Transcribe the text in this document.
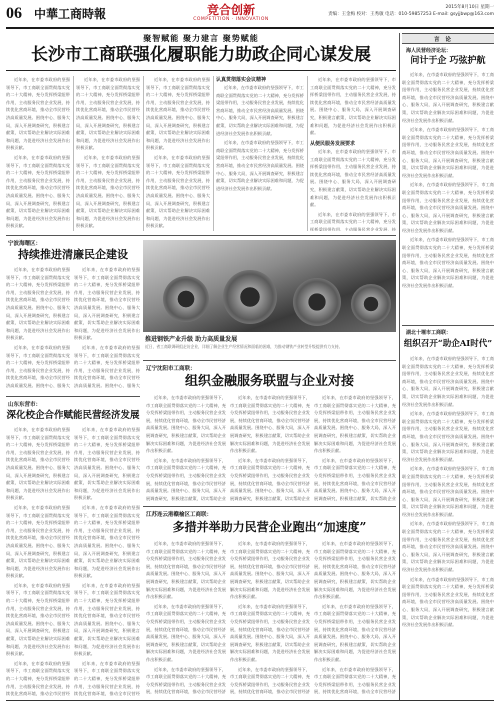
06 中華工商時報	竞合创新
COMPETITION · INNOVATION
2015年8月10日 星期一
责编：王金梅 校对：王秀敏 电话：010-59857253 E-mail: gsyjjbwp@163.com
聚智赋能 聚力建言 聚势赋能
长沙市工商联强化履职能力助政企同心谋发展

近年来，在市委市政府的坚强领导下，市工商联全面贯彻落实党的二十大精神，充分发挥桥梁纽带作用，主动服务民营企业发展，持续优化营商环境，推动全市民营经济高质量发展。围绕中心、服务大局，深入开展调查研究，积极建言献策，切实帮助企业解决实际困难和问题，为促进经济社会发展作出积极贡献。

近年来，在市委市政府的坚强领导下，市工商联全面贯彻落实党的二十大精神，充分发挥桥梁纽带作用，主动服务民营企业发展，持续优化营商环境，推动全市民营经济高质量发展。围绕中心、服务大局，深入开展调查研究，积极建言献策，切实帮助企业解决实际困难和问题，为促进经济社会发展作出积极贡献。

近年来，在市委市政府的坚强领导下，市工商联全面贯彻落实党的二十大精神，充分发挥桥梁纽带作用，主动服务民营企业发展，持续优化营商环境，推动全市民营经济高质量发展。围绕中心、服务大局，深入开展调查研究，积极建言献策，切实帮助企业解决实际困难和问题，为促进经济社会发展作出积极贡献。

近年来，在市委市政府的坚强领导下，市工商联全面贯彻落实党的二十大精神，充分发挥桥梁纽带作用，主动服务民营企业发展，持续优化营商环境，推动全市民营经济高质量发展。围绕中心、服务大局，深入开展调查研究，积极建言献策，切实帮助企业解决实际困难和问题，为促进经济社会发展作出积极贡献。

近年来，在市委市政府的坚强领导下，市工商联全面贯彻落实党的二十大精神，充分发挥桥梁纽带作用，主动服务民营企业发展，持续优化营商环境，推动全市民营经济高质量发展。围绕中心、服务大局，深入开展调查研究，积极建言献策，切实帮助企业解决实际困难和问题，为促进经济社会发展作出积极贡献。

近年来，在市委市政府的坚强领导下，市工商联全面贯彻落实党的二十大精神，充分发挥桥梁纽带作用，主动服务民营企业发展，持续优化营商环境，推动全市民营经济高质量发展。围绕中心、服务大局，深入开展调查研究，积极建言献策，切实帮助企业解决实际困难和问题，为促进经济社会发展作出积极贡献。

认真贯彻落实会议精神

近年来，在市委市政府的坚强领导下，市工商联全面贯彻落实党的二十大精神，充分发挥桥梁纽带作用，主动服务民营企业发展，持续优化营商环境，推动全市民营经济高质量发展。围绕中心、服务大局，深入开展调查研究，积极建言献策，切实帮助企业解决实际困难和问题，为促进经济社会发展作出积极贡献。

近年来，在市委市政府的坚强领导下，市工商联全面贯彻落实党的二十大精神，充分发挥桥梁纽带作用，主动服务民营企业发展，持续优化营商环境，推动全市民营经济高质量发展。围绕中心、服务大局，深入开展调查研究，积极建言献策，切实帮助企业解决实际困难和问题，为促进经济社会发展作出积极贡献。

从便民服务发展要求

近年来，在市委市政府的坚强领导下，市工商联全面贯彻落实党的二十大精神，充分发挥桥梁纽带作用，主动服务民营企业发展，持续优化营商环境，推动全市民营经济高质量发展。围绕中心、服务大局，深入开展调查研究，积极建言献策，切实帮助企业解决实际困难和问题，为促进经济社会发展作出积极贡献。

近年来，在市委市政府的坚强领导下，市工商联全面贯彻落实党的二十大精神，充分发挥桥梁纽带作用，主动服务民营企业发展，持续优化营商环境，推动全市民营经济高质量发展。围绕中心、服务大局，深入开展调查研究，积极建言献策，切实帮助企业解决实际困难和问题，为促进经济社会发展作出积极贡献。

近年来，在市委市政府的坚强领导下，市工商联全面贯彻落实党的二十大精神，充分发挥桥梁纽带作用，主动服务民营企业发展，持

宁波海曙区：
持续推进清廉民企建设

近年来，在市委市政府的坚强领导下，市工商联全面贯彻落实党的二十大精神，充分发挥桥梁纽带作用，主动服务民营企业发展，持续优化营商环境，推动全市民营经济高质量发展。围绕中心、服务大局，深入开展调查研究，积极建言献策，切实帮助企业解决实际困难和问题，为促进经济社会发展作出积极贡献。

近年来，在市委市政府的坚强领导下，市工商联全面贯彻落实党的二十大精神，充分发挥桥梁纽带作用，主动服务民营企业发展，持续优化营商环境，推动全市民营经济高质量发展。围绕中心、服务大

近年来，在市委市政府的坚强领导下，市工商联全面贯彻落实党的二十大精神，充分发挥桥梁纽带作用，主动服务民营企业发展，持续优化营商环境，推动全市民营经济高质量发展。围绕中心、服务大局，深入开展调查研究，积极建言献策，切实帮助企业解决实际困难和问题，为促进经济社会发展作出积极贡献。

近年来，在市委市政府的坚强领导下，市工商联全面贯彻落实党的二十大精神，充分发挥桥梁纽带作用，主动服务民营企业发展，持续优化营商环境，推动全市民营经济高质量发展。围绕中心、服务大

推进钢铁产业升级 助力高质量发展
近日，省工商联调研组走访企业，详细了解企业生产经营情况和面临的困难，为推动钢铁产业转型升级提供有力支持。
辽宁沈阳市工商联：
组织金融服务联盟与企业对接

近年来，在市委市政府的坚强领导下，市工商联全面贯彻落实党的二十大精神，充分发挥桥梁纽带作用，主动服务民营企业发展，持续优化营商环境，推动全市民营经济高质量发展。围绕中心、服务大局，深入开展调查研究，积极建言献策，切实帮助企业解决实际困难和问题，为促进经济社会发展作出积极贡献。

近年来，在市委市政府的坚强领导下，市工商联全面贯彻落实党的二十大精神，充分发挥桥梁纽带作用，主动服务民营企业发展，持续优化营商环境，推动全市民营经济高质量发展。围绕中心、服务大局，深入开展调查研究，积极建言献策，切实帮助企业

近年来，在市委市政府的坚强领导下，市工商联全面贯彻落实党的二十大精神，充分发挥桥梁纽带作用，主动服务民营企业发展，持续优化营商环境，推动全市民营经济高质量发展。围绕中心、服务大局，深入开展调查研究，积极建言献策，切实帮助企业解决实际困难和问题，为促进经济社会发展作出积极贡献。

近年来，在市委市政府的坚强领导下，市工商联全面贯彻落实党的二十大精神，充分发挥桥梁纽带作用，主动服务民营企业发展，持续优化营商环境，推动全市民营经济高质量发展。围绕中心、服务大局，深入开展调查研究，积极建言献策，切实帮助企业

近年来，在市委市政府的坚强领导下，市工商联全面贯彻落实党的二十大精神，充分发挥桥梁纽带作用，主动服务民营企业发展，持续优化营商环境，推动全市民营经济高质量发展。围绕中心、服务大局，深入开展调查研究，积极建言献策，切实帮助企业解决实际困难和问题，为促进经济社会发展作出积极贡献。

近年来，在市委市政府的坚强领导下，市工商联全面贯彻落实党的二十大精神，充分发挥桥梁纽带作用，主动服务民营企业发展，持续优化营商环境，推动全市民营经济高质量发展。围绕中心、服务大局，深入开展调查研究，积极建言献策，切实帮助企业

山东东营市：
深化校企合作赋能民营经济发展

近年来，在市委市政府的坚强领导下，市工商联全面贯彻落实党的二十大精神，充分发挥桥梁纽带作用，主动服务民营企业发展，持续优化营商环境，推动全市民营经济高质量发展。围绕中心、服务大局，深入开展调查研究，积极建言献策，切实帮助企业解决实际困难和问题，为促进经济社会发展作出积极贡献。

近年来，在市委市政府的坚强领导下，市工商联全面贯彻落实党的二十大精神，充分发挥桥梁纽带作用，主动服务民营企业发展，持续优化营商环境，推动全市民营经济高质量发展。围绕中心、服务大局，深入开展调查研究，积极建言献策，切实帮助企业解决实际困难和问题，为促进经济社会发展作出积极贡献。

近年来，在市委市政府的坚强领导下，市工商联全面贯彻落实党的二十大精神，充分发挥桥梁纽带作用，主动服务民营企业发展，持续优化营商环境，推动全市民营经济高质量发展。围绕中心、服务大局，深入开展调查研究，积极建言献策，切实帮助企业解决实际困难和问题，为促进经济社会发展作出积极贡献。

近年来，在市委市政府的坚强领导下，市工商联全面贯彻落实党的二十大精神，充分发挥桥梁纽带作用，主动服务民营企业发展，持续优化营商环境，推动全市民营经

近年来，在市委市政府的坚强领导下，市工商联全面贯彻落实党的二十大精神，充分发挥桥梁纽带作用，主动服务民营企业发展，持续优化营商环境，推动全市民营经济高质量发展。围绕中心、服务大局，深入开展调查研究，积极建言献策，切实帮助企业解决实际困难和问题，为促进经济社会发展作出积极贡献。

近年来，在市委市政府的坚强领导下，市工商联全面贯彻落实党的二十大精神，充分发挥桥梁纽带作用，主动服务民营企业发展，持续优化营商环境，推动全市民营经济高质量发展。围绕中心、服务大局，深入开展调查研究，积极建言献策，切实帮助企业解决实际困难和问题，为促进经济社会发展作出积极贡献。

近年来，在市委市政府的坚强领导下，市工商联全面贯彻落实党的二十大精神，充分发挥桥梁纽带作用，主动服务民营企业发展，持续优化营商环境，推动全市民营经济高质量发展。围绕中心、服务大局，深入开展调查研究，积极建言献策，切实帮助企业解决实际困难和问题，为促进经济社会发展作出积极贡献。

近年来，在市委市政府的坚强领导下，市工商联全面贯彻落实党的二十大精神，充分发挥桥梁纽带作用，主动服务民营企业发展，持续优化营商环境，推动全市民营经

江苏连云港赣榆区工商联：
多措并举助力民营企业跑出“加速度”

近年来，在市委市政府的坚强领导下，市工商联全面贯彻落实党的二十大精神，充分发挥桥梁纽带作用，主动服务民营企业发展，持续优化营商环境，推动全市民营经济高质量发展。围绕中心、服务大局，深入开展调查研究，积极建言献策，切实帮助企业解决实际困难和问题，为促进经济社会发展作出积极贡献。

近年来，在市委市政府的坚强领导下，市工商联全面贯彻落实党的二十大精神，充分发挥桥梁纽带作用，主动服务民营企业发展，持续优化营商环境，推动全市民营经济高质量发展。围绕中心、服务大局，深入开展调查研究，积极建言献策，切实帮助企业解决实际困难和问题，为促进经济社会发展作出积极贡献。

近年来，在市委市政府的坚强领导下，市工商联全面贯彻落实党的二十大精神，充分发挥桥梁纽带作用，主动服务民营企业发展，持续优化营商环境，推动全市民营经济

近年来，在市委市政府的坚强领导下，市工商联全面贯彻落实党的二十大精神，充分发挥桥梁纽带作用，主动服务民营企业发展，持续优化营商环境，推动全市民营经济高质量发展。围绕中心、服务大局，深入开展调查研究，积极建言献策，切实帮助企业解决实际困难和问题，为促进经济社会发展作出积极贡献。

近年来，在市委市政府的坚强领导下，市工商联全面贯彻落实党的二十大精神，充分发挥桥梁纽带作用，主动服务民营企业发展，持续优化营商环境，推动全市民营经济高质量发展。围绕中心、服务大局，深入开展调查研究，积极建言献策，切实帮助企业解决实际困难和问题，为促进经济社会发展作出积极贡献。

近年来，在市委市政府的坚强领导下，市工商联全面贯彻落实党的二十大精神，充分发挥桥梁纽带作用，主动服务民营企业发展，持续优化营商环境，推动全市民营经济

近年来，在市委市政府的坚强领导下，市工商联全面贯彻落实党的二十大精神，充分发挥桥梁纽带作用，主动服务民营企业发展，持续优化营商环境，推动全市民营经济高质量发展。围绕中心、服务大局，深入开展调查研究，积极建言献策，切实帮助企业解决实际困难和问题，为促进经济社会发展作出积极贡献。

近年来，在市委市政府的坚强领导下，市工商联全面贯彻落实党的二十大精神，充分发挥桥梁纽带作用，主动服务民营企业发展，持续优化营商环境，推动全市民营经济高质量发展。围绕中心、服务大局，深入开展调查研究，积极建言献策，切实帮助企业解决实际困难和问题，为促进经济社会发展作出积极贡献。

近年来，在市委市政府的坚强领导下，市工商联全面贯彻落实党的二十大精神，充分发挥桥梁纽带作用，主动服务民营企业发展，持续优化营商环境，推动全市民营经济

言 论
海人民营经济论坛：
问计于企 巧弦护航

近年来，在市委市政府的坚强领导下，市工商联全面贯彻落实党的二十大精神，充分发挥桥梁纽带作用，主动服务民营企业发展，持续优化营商环境，推动全市民营经济高质量发展。围绕中心、服务大局，深入开展调查研究，积极建言献策，切实帮助企业解决实际困难和问题，为促进经济社会发展作出积极贡献。

近年来，在市委市政府的坚强领导下，市工商联全面贯彻落实党的二十大精神，充分发挥桥梁纽带作用，主动服务民营企业发展，持续优化营商环境，推动全市民营经济高质量发展。围绕中心、服务大局，深入开展调查研究，积极建言献策，切实帮助企业解决实际困难和问题，为促进经济社会发展作出积极贡献。

近年来，在市委市政府的坚强领导下，市工商联全面贯彻落实党的二十大精神，充分发挥桥梁纽带作用，主动服务民营企业发展，持续优化营商环境，推动全市民营经济高质量发展。围绕中心、服务大局，深入开展调查研究，积极建言献策，切实帮助企业解决实际困难和问题，为促进经济社会发展作出积极贡献。

近年来，在市委市政府的坚强领导下，市工商联全面贯彻落实党的二十大精神，充分发挥桥梁纽带作用，主动服务民营企业发展，持续优化营商环境，推动全市民营经济高质量发展。围绕中心、服务大局，深入开展调查研究，积极建言献策，切实帮助企业解决实际困难和问题，为促进经济社会发展作出积极贡献。

湖北十堰市工商联：
组织召开“助企AI时代”

近年来，在市委市政府的坚强领导下，市工商联全面贯彻落实党的二十大精神，充分发挥桥梁纽带作用，主动服务民营企业发展，持续优化营商环境，推动全市民营经济高质量发展。围绕中心、服务大局，深入开展调查研究，积极建言献策，切实帮助企业解决实际困难和问题，为促进经济社会发展作出积极贡献。

近年来，在市委市政府的坚强领导下，市工商联全面贯彻落实党的二十大精神，充分发挥桥梁纽带作用，主动服务民营企业发展，持续优化营商环境，推动全市民营经济高质量发展。围绕中心、服务大局，深入开展调查研究，积极建言献策，切实帮助企业解决实际困难和问题，为促进经济社会发展作出积极贡献。

近年来，在市委市政府的坚强领导下，市工商联全面贯彻落实党的二十大精神，充分发挥桥梁纽带作用，主动服务民营企业发展，持续优化营商环境，推动全市民营经济高质量发展。围绕中心、服务大局，深入开展调查研究，积极建言献策，切实帮助企业解决实际困难和问题，为促进经济社会发展作出积极贡献。

近年来，在市委市政府的坚强领导下，市工商联全面贯彻落实党的二十大精神，充分发挥桥梁纽带作用，主动服务民营企业发展，持续优化营商环境，推动全市民营经济高质量发展。围绕中心、服务大局，深入开展调查研究，积极建言献策，切实帮助企业解决实际困难和问题，为促进经济社会发展作出积极贡献。

近年来，在市委市政府的坚强领导下，市工商联全面贯彻落实党的二十大精神，充分发挥桥梁纽带作用，主动服务民营企业发展，持续优化营商环境，推动全市民营经济高质量发展。围绕中心、服务大局，深入开展调查研究，积极建言献策，切实帮助企业解决实际困难和问题，为促进经济社会发展作出积极贡献。
